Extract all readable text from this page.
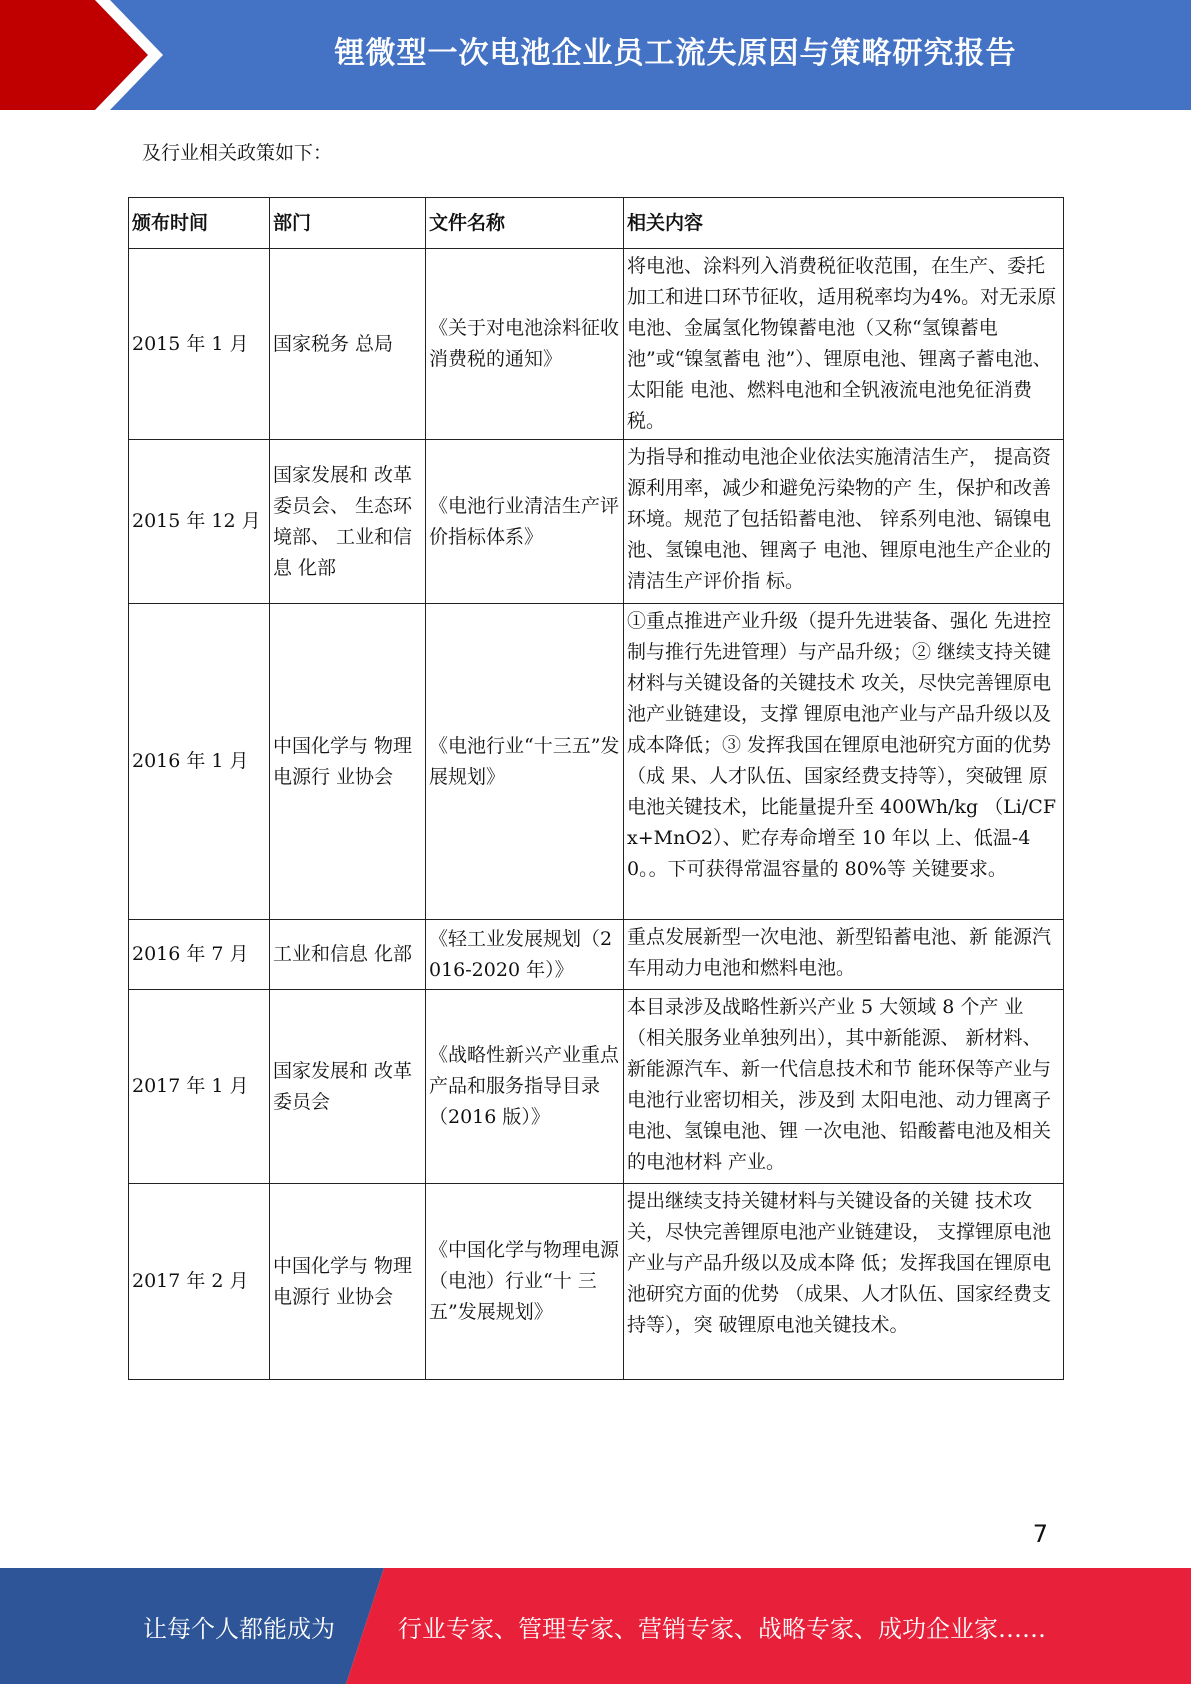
锂微型一次电池企业员工流失原因与策略研究报告
及行业相关政策如下：
颁布时间	部门	文件名称	相关内容
2015 年 1 月	国家税务 总局	《关于对电池涂料征收消费税的通知》	将电池、涂料列入消费税征收范围，在生产、委托加工和进口环节征收，适用税率均为4%。对无汞原电池、金属氢化物镍蓄电池（又称“氢镍蓄电池”或“镍氢蓄电 池”）、锂原电池、锂离子蓄电池、太阳能 电池、燃料电池和全钒液流电池免征消费 税。
2015 年 12 月	国家发展和 改革委员会、 生态环境部、 工业和信息 化部	《电池行业清洁生产评价指标体系》	为指导和推动电池企业依法实施清洁生产， 提高资源利用率，减少和避免污染物的产 生，保护和改善环境。规范了包括铅蓄电池、 锌系列电池、镉镍电池、氢镍电池、锂离子 电池、锂原电池生产企业的清洁生产评价指 标。
2016 年 1 月	中国化学与 物理电源行 业协会	《电池行业“十三五”发展规划》	①重点推进产业升级（提升先进装备、强化 先进控制与推行先进管理）与产品升级；② 继续支持关键材料与关键设备的关键技术 攻关，尽快完善锂原电池产业链建设，支撑 锂原电池产业与产品升级以及成本降低；③ 发挥我国在锂原电池研究方面的优势（成 果、人才队伍、国家经费支持等），突破锂 原电池关键技术，比能量提升至 400Wh/kg （Li/CFx+MnO2）、贮存寿命增至 10 年以 上、低温-40。。下可获得常温容量的 80%等 关键要求。
2016 年 7 月	工业和信息 化部	《轻工业发展规划（2016-2020 年）》	重点发展新型一次电池、新型铅蓄电池、新 能源汽车用动力电池和燃料电池。
2017 年 1 月	国家发展和 改革委员会	《战略性新兴产业重点产品和服务指导目录（2016 版）》	本目录涉及战略性新兴产业 5 大领域 8 个产 业（相关服务业单独列出），其中新能源、 新材料、新能源汽车、新一代信息技术和节 能环保等产业与电池行业密切相关，涉及到 太阳电池、动力锂离子电池、氢镍电池、锂 一次电池、铅酸蓄电池及相关的电池材料 产业。
2017 年 2 月	中国化学与 物理电源行 业协会	《中国化学与物理电源（电池）行业“十 三五”发展规划》	提出继续支持关键材料与关键设备的关键 技术攻关，尽快完善锂原电池产业链建设， 支撑锂原电池产业与产品升级以及成本降 低；发挥我国在锂原电池研究方面的优势 （成果、人才队伍、国家经费支持等），突 破锂原电池关键技术。
7
让每个人都能成为	行业专家、管理专家、营销专家、战略专家、成功企业家……
